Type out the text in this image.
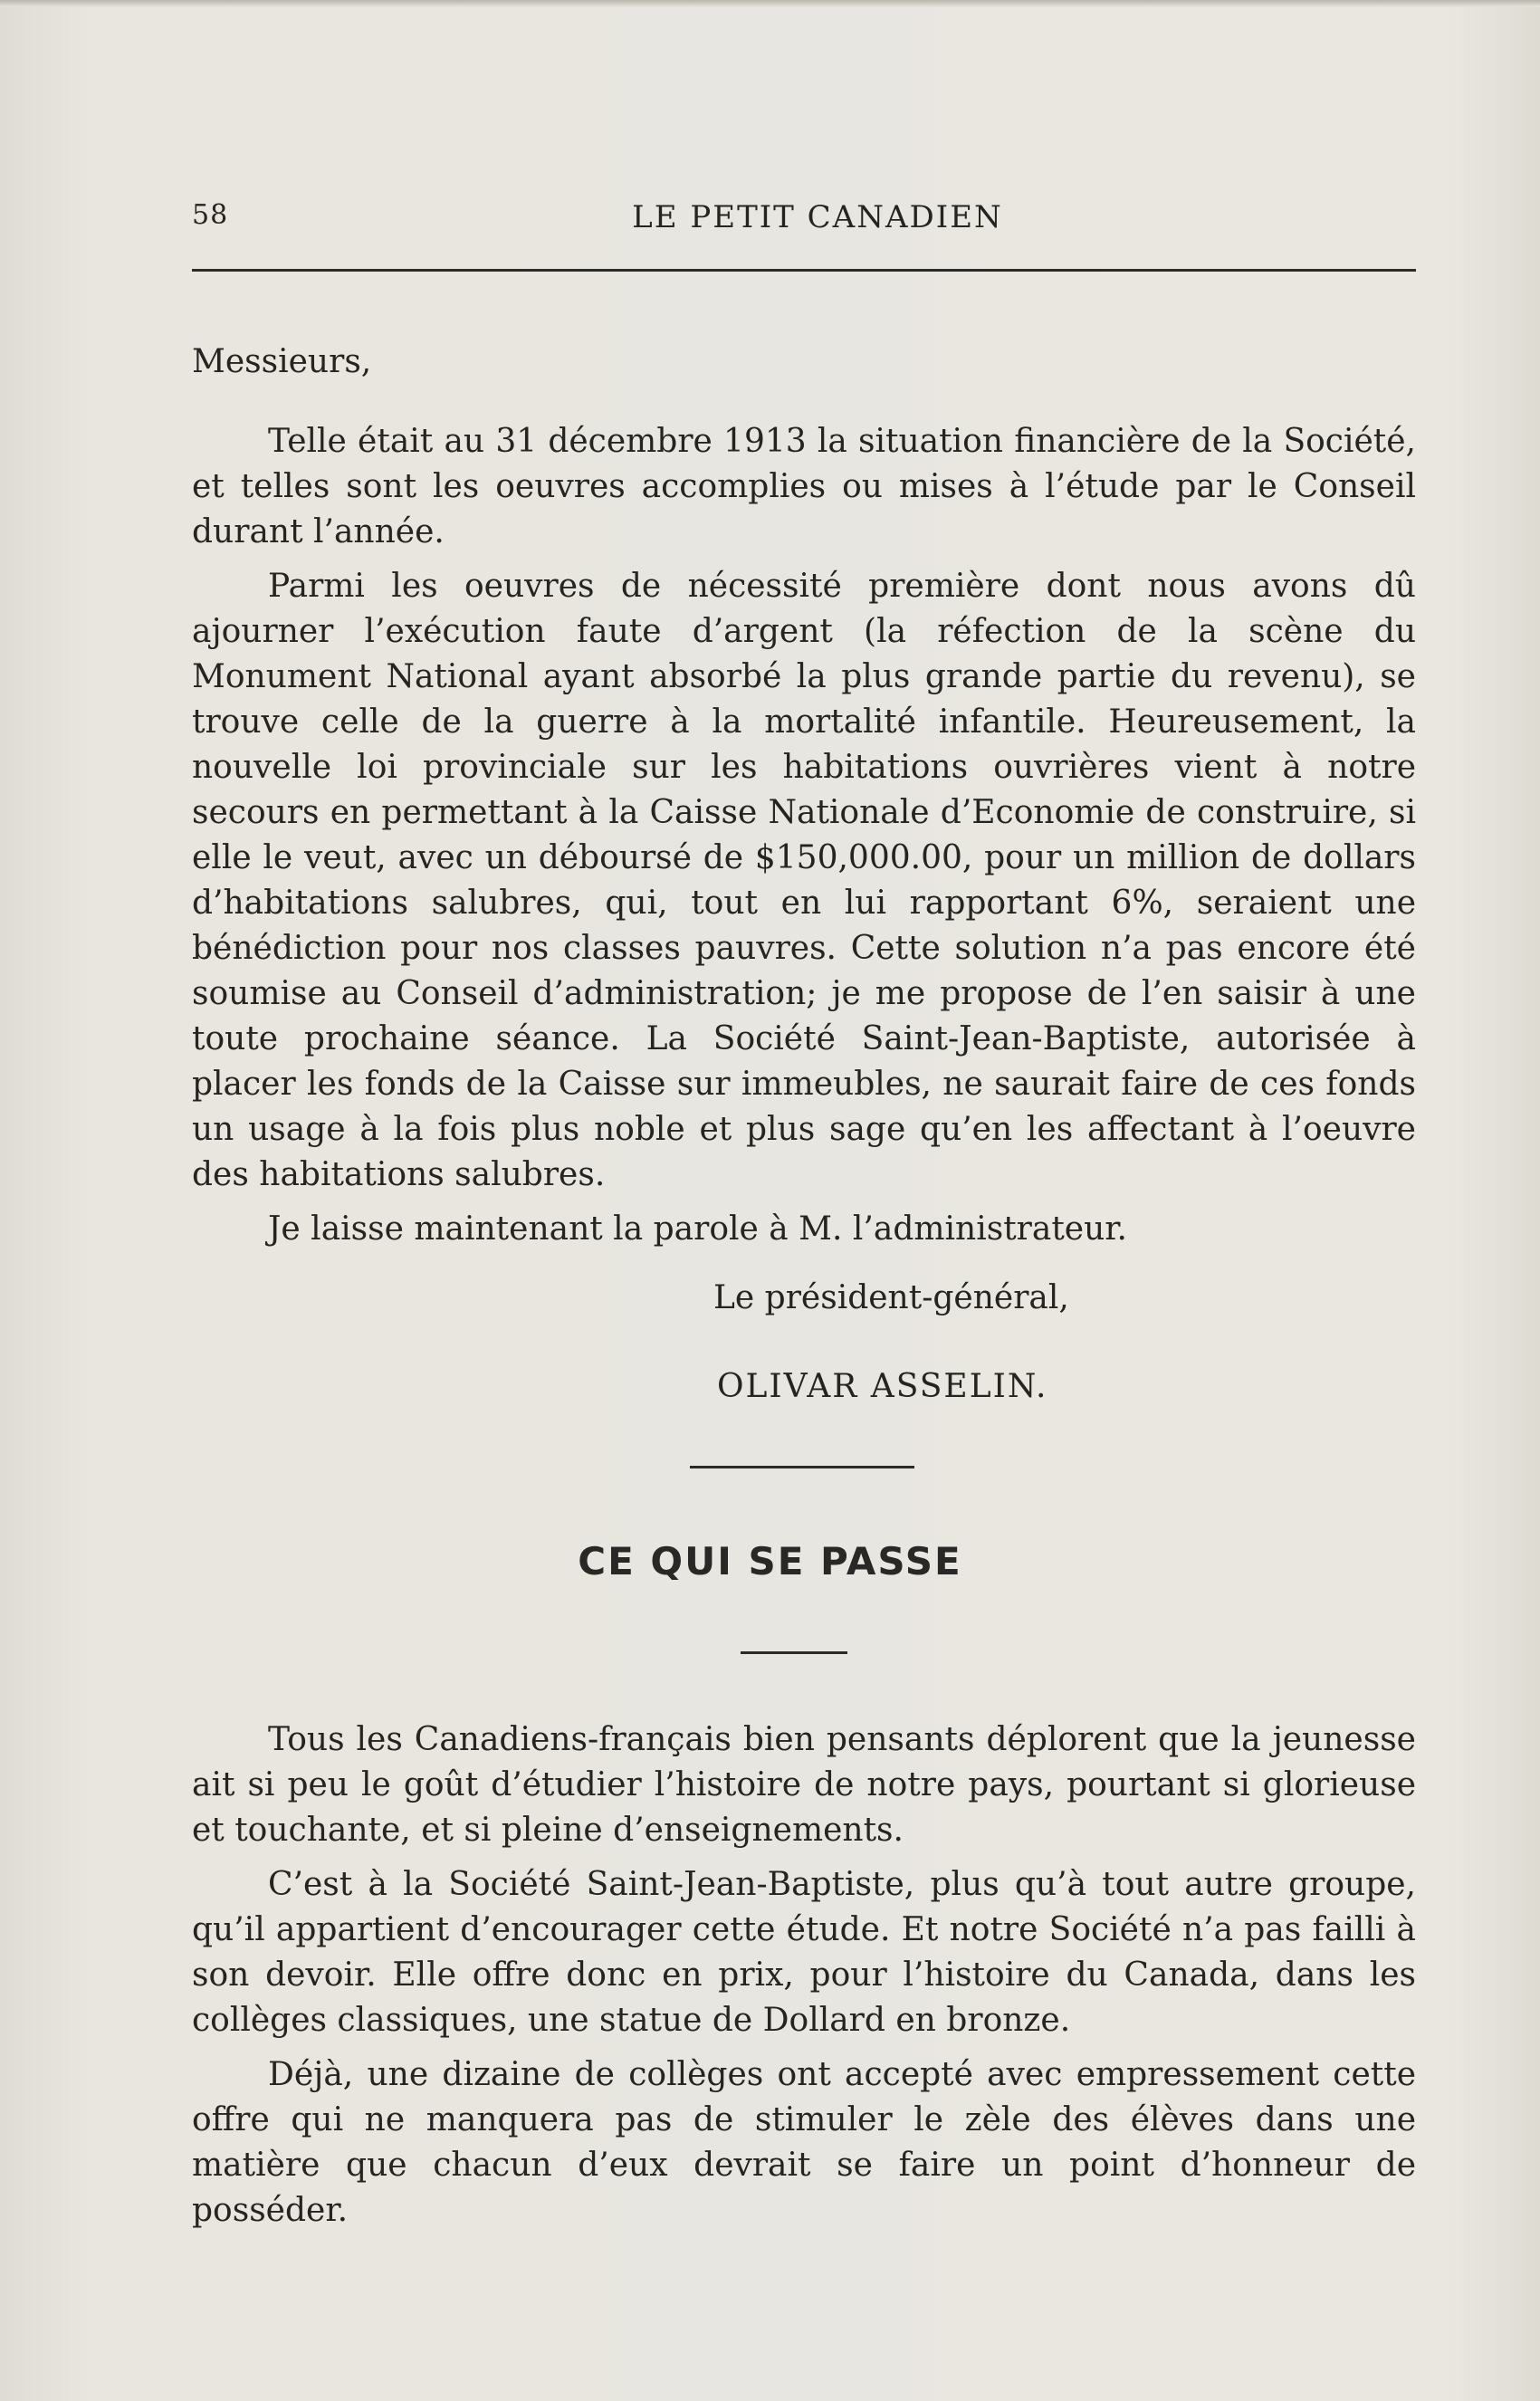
58	LE PETIT CANADIEN

Messieurs,

Telle était au 31 décembre 1913 la situation financière de la Société, et telles sont les oeuvres accomplies ou mises à l’étude par le Conseil durant l’année.

Parmi les oeuvres de nécessité première dont nous avons dû ajourner l’exécution faute d’argent (la réfection de la scène du Monument National ayant absorbé la plus grande partie du revenu), se trouve celle de la guerre à la mortalité infantile. Heureusement, la nouvelle loi provinciale sur les habitations ouvrières vient à notre secours en permettant à la Caisse Nationale d’Economie de construire, si elle le veut, avec un déboursé de $150,000.00, pour un million de dollars d’habitations salubres, qui, tout en lui rapportant 6%, seraient une bénédiction pour nos classes pauvres. Cette solution n’a pas encore été soumise au Conseil d’administration; je me propose de l’en saisir à une toute prochaine séance. La Société Saint-Jean-Baptiste, autorisée à placer les fonds de la Caisse sur immeubles, ne saurait faire de ces fonds un usage à la fois plus noble et plus sage qu’en les affectant à l’oeuvre des habitations salubres.

Je laisse maintenant la parole à M. l’administrateur.

Le président-général,

OLIVAR ASSELIN.

CE QUI SE PASSE

Tous les Canadiens-français bien pensants déplorent que la jeunesse ait si peu le goût d’étudier l’histoire de notre pays, pourtant si glorieuse et touchante, et si pleine d’enseignements.

C’est à la Société Saint-Jean-Baptiste, plus qu’à tout autre groupe, qu’il appartient d’encourager cette étude. Et notre Société n’a pas failli à son devoir. Elle offre donc en prix, pour l’histoire du Canada, dans les collèges classiques, une statue de Dollard en bronze.

Déjà, une dizaine de collèges ont accepté avec empressement cette offre qui ne manquera pas de stimuler le zèle des élèves dans une matière que chacun d’eux devrait se faire un point d’honneur de posséder.
